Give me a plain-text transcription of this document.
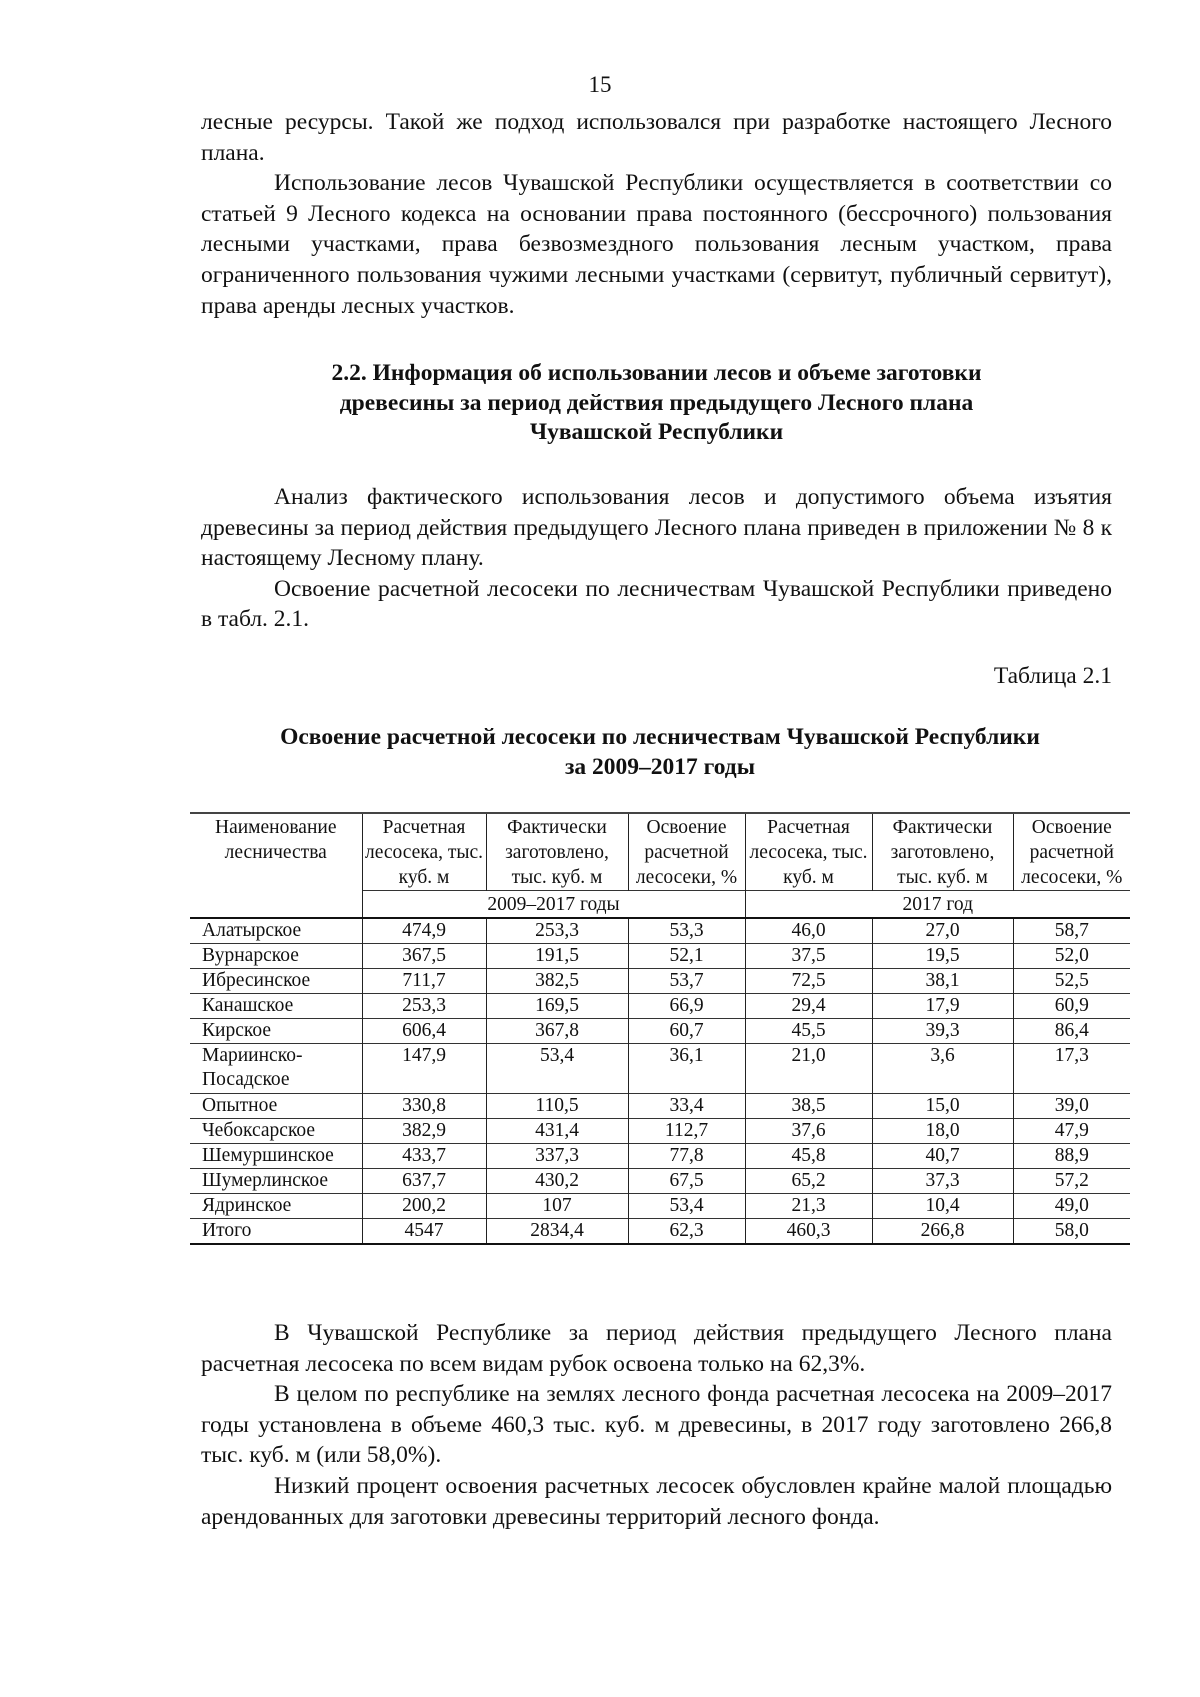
15

лесные ресурсы. Такой же подход использовался при разработке настоящего Лесного плана.

Использование лесов Чувашской Республики осуществляется в соответствии со статьей 9 Лесного кодекса на основании права постоянного (бессрочного) пользования лесными участками, права безвозмездного пользования лесным участком, права ограниченного пользования чужими лесными участками (сервитут, публичный сервитут), права аренды лесных участков.

2.2. Информация об использовании лесов и объеме заготовки
древесины за период действия предыдущего Лесного плана
Чувашской Республики

Анализ фактического использования лесов и допустимого объема изъятия древесины за период действия предыдущего Лесного плана приведен в приложении № 8 к настоящему Лесному плану.

Освоение расчетной лесосеки по лесничествам Чувашской Республики приведено в табл. 2.1.

Таблица 2.1
Освоение расчетной лесосеки по лесничествам Чувашской Республики
за 2009–2017 годы
Наименование лесничества	Расчетная лесосека, тыс. куб. м	Фактически заготовлено, тыс. куб. м	Освоение расчетной лесосеки, %	Расчетная лесосека, тыс. куб. м	Фактически заготовлено, тыс. куб. м	Освоение расчетной лесосеки, %
	2009–2017 годы			2017 год		
Алатырское	474,9	253,3	53,3	46,0	27,0	58,7
Вурнарское	367,5	191,5	52,1	37,5	19,5	52,0
Ибресинское	711,7	382,5	53,7	72,5	38,1	52,5
Канашское	253,3	169,5	66,9	29,4	17,9	60,9
Кирское	606,4	367,8	60,7	45,5	39,3	86,4
Мариинско-Посадское	147,9	53,4	36,1	21,0	3,6	17,3
Опытное	330,8	110,5	33,4	38,5	15,0	39,0
Чебоксарское	382,9	431,4	112,7	37,6	18,0	47,9
Шемуршинское	433,7	337,3	77,8	45,8	40,7	88,9
Шумерлинское	637,7	430,2	67,5	65,2	37,3	57,2
Ядринское	200,2	107	53,4	21,3	10,4	49,0
Итого	4547	2834,4	62,3	460,3	266,8	58,0

В Чувашской Республике за период действия предыдущего Лесного плана расчетная лесосека по всем видам рубок освоена только на 62,3%.

В целом по республике на землях лесного фонда расчетная лесосека на 2009–2017 годы установлена в объеме 460,3 тыс. куб. м древесины, в 2017 году заготовлено 266,8 тыс. куб. м (или 58,0%).

Низкий процент освоения расчетных лесосек обусловлен крайне малой площадью арендованных для заготовки древесины территорий лесного фонда.
